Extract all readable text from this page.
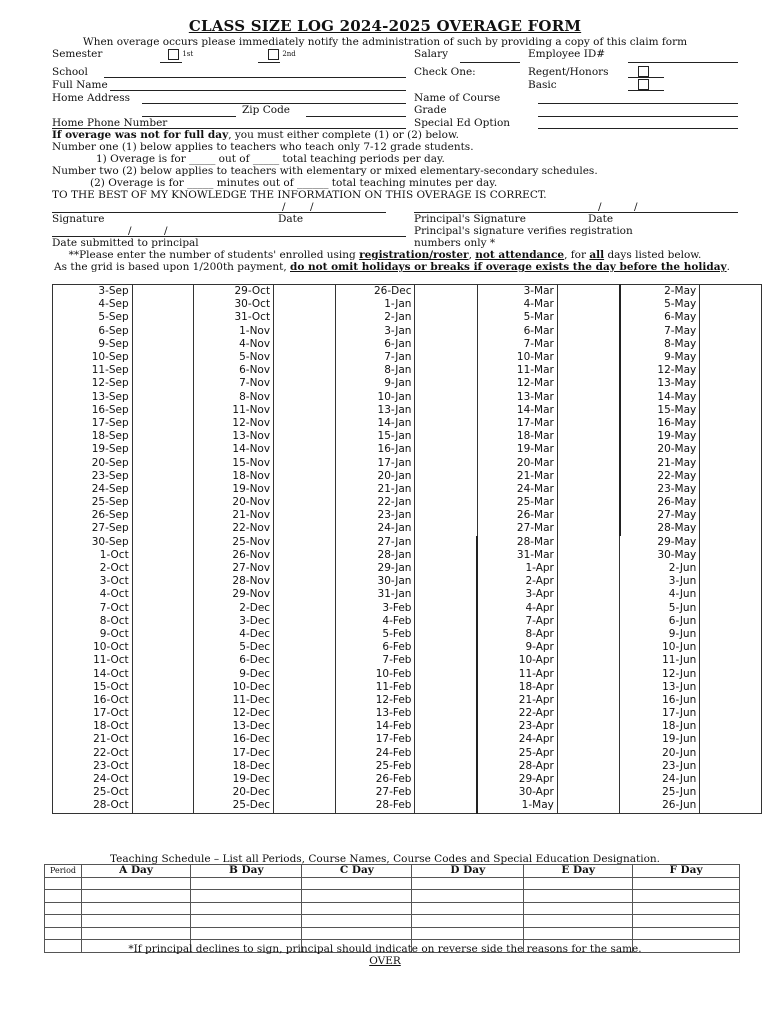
CLASS SIZE LOG 2024-2025 OVERAGE FORM
When overage occurs please immediately notify the administration of such by providing a copy of this claim form
Semester	$^{1st}$	$^{2nd}$	Salary	Employee ID#
School	Check One:	Regent/Honors
Full Name	Basic
Home Address	Name of Course
Zip Code	Grade
Home Phone Number	Special Ed Option
If overage was not for full day, you must either complete (1) or (2) below.
Number one (1) below applies to teachers who teach only 7-12 grade students.
1) Overage is for _____ out of _____ total teaching periods per day.
Number two (2) below applies to teachers with elementary or mixed elementary-secondary schedules.
(2) Overage is for _____ minutes out of ______ total teaching minutes per day.
TO THE BEST OF MY KNOWLEDGE THE INFORMATION ON THIS OVERAGE IS CORRECT.
/ /
Signature	Date
/	/
Principal's Signature	Date
Principal's signature verifies registration
numbers only *
/	/
Date submitted to principal
**Please enter the number of students' enrolled using registration/roster, not attendance, for all days listed below.
As the grid is based upon 1/200th payment, do not omit holidays or breaks if overage exists the day before the holiday.
3-Sep		29-Oct		26-Dec		3-Mar		2-May	
4-Sep		30-Oct		1-Jan		4-Mar		5-May	
5-Sep		31-Oct		2-Jan		5-Mar		6-May	
6-Sep		1-Nov		3-Jan		6-Mar		7-May	
9-Sep		4-Nov		6-Jan		7-Mar		8-May	
10-Sep		5-Nov		7-Jan		10-Mar		9-May	
11-Sep		6-Nov		8-Jan		11-Mar		12-May	
12-Sep		7-Nov		9-Jan		12-Mar		13-May	
13-Sep		8-Nov		10-Jan		13-Mar		14-May	
16-Sep		11-Nov		13-Jan		14-Mar		15-May	
17-Sep		12-Nov		14-Jan		17-Mar		16-May	
18-Sep		13-Nov		15-Jan		18-Mar		19-May	
19-Sep		14-Nov		16-Jan		19-Mar		20-May	
20-Sep		15-Nov		17-Jan		20-Mar		21-May	
23-Sep		18-Nov		20-Jan		21-Mar		22-May	
24-Sep		19-Nov		21-Jan		24-Mar		23-May	
25-Sep		20-Nov		22-Jan		25-Mar		26-May	
26-Sep		21-Nov		23-Jan		26-Mar		27-May	
27-Sep		22-Nov		24-Jan		27-Mar		28-May	
30-Sep		25-Nov		27-Jan		28-Mar		29-May	
1-Oct		26-Nov		28-Jan		31-Mar		30-May	
2-Oct		27-Nov		29-Jan		1-Apr		2-Jun	
3-Oct		28-Nov		30-Jan		2-Apr		3-Jun	
4-Oct		29-Nov		31-Jan		3-Apr		4-Jun	
7-Oct		2-Dec		3-Feb		4-Apr		5-Jun	
8-Oct		3-Dec		4-Feb		7-Apr		6-Jun	
9-Oct		4-Dec		5-Feb		8-Apr		9-Jun	
10-Oct		5-Dec		6-Feb		9-Apr		10-Jun	
11-Oct		6-Dec		7-Feb		10-Apr		11-Jun	
14-Oct		9-Dec		10-Feb		11-Apr		12-Jun	
15-Oct		10-Dec		11-Feb		18-Apr		13-Jun	
16-Oct		11-Dec		12-Feb		21-Apr		16-Jun	
17-Oct		12-Dec		13-Feb		22-Apr		17-Jun	
18-Oct		13-Dec		14-Feb		23-Apr		18-Jun	
21-Oct		16-Dec		17-Feb		24-Apr		19-Jun	
22-Oct		17-Dec		24-Feb		25-Apr		20-Jun	
23-Oct		18-Dec		25-Feb		28-Apr		23-Jun	
24-Oct		19-Dec		26-Feb		29-Apr		24-Jun	
25-Oct		20-Dec		27-Feb		30-Apr		25-Jun	
28-Oct		25-Dec		28-Feb		1-May		26-Jun	
Teaching Schedule – List all Periods, Course Names, Course Codes and Special Education Designation.
Period	A Day	B Day	C Day	D Day	E Day	F Day

*If principal declines to sign, principal should indicate on reverse side the reasons for the same.
OVER
